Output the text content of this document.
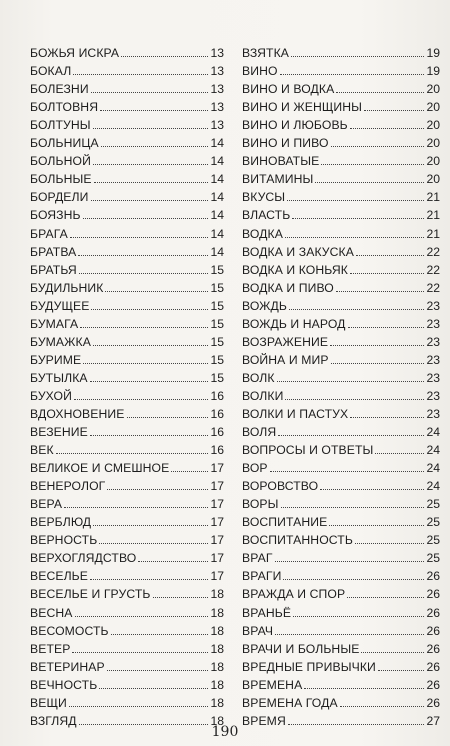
БОЖЬЯ ИСКРА	13
БОКАЛ	13
БОЛЕЗНИ	13
БОЛТОВНЯ	13
БОЛТУНЫ	13
БОЛЬНИЦА	14
БОЛЬНОЙ	14
БОЛЬНЫЕ	14
БОРДЕЛИ	14
БОЯЗНЬ	14
БРАГА	14
БРАТВА	14
БРАТЬЯ	15
БУДИЛЬНИК	15
БУДУЩЕЕ	15
БУМАГА	15
БУМАЖКА	15
БУРИМЕ	15
БУТЫЛКА	15
БУХОЙ	16
ВДОХНОВЕНИЕ	16
ВЕЗЕНИЕ	16
ВЕК	16
ВЕЛИКОЕ И СМЕШНОЕ	17
ВЕНЕРОЛОГ	17
ВЕРА	17
ВЕРБЛЮД	17
ВЕРНОСТЬ	17
ВЕРХОГЛЯДСТВО	17
ВЕСЕЛЬЕ	17
ВЕСЕЛЬЕ И ГРУСТЬ	18
ВЕСНА	18
ВЕСОМОСТЬ	18
ВЕТЕР	18
ВЕТЕРИНАР	18
ВЕЧНОСТЬ	18
ВЕЩИ	18
ВЗГЛЯД	18
ВЗЯТКА	19
ВИНО	19
ВИНО И ВОДКА	20
ВИНО И ЖЕНЩИНЫ	20
ВИНО И ЛЮБОВЬ	20
ВИНО И ПИВО	20
ВИНОВАТЫЕ	20
ВИТАМИНЫ	20
ВКУСЫ	21
ВЛАСТЬ	21
ВОДКА	21
ВОДКА И ЗАКУСКА	22
ВОДКА И КОНЬЯК	22
ВОДКА И ПИВО	22
ВОЖДЬ	23
ВОЖДЬ И НАРОД	23
ВОЗРАЖЕНИЕ	23
ВОЙНА И МИР	23
ВОЛК	23
ВОЛКИ	23
ВОЛКИ И ПАСТУХ	23
ВОЛЯ	24
ВОПРОСЫ И ОТВЕТЫ	24
ВОР	24
ВОРОВСТВО	24
ВОРЫ	25
ВОСПИТАНИЕ	25
ВОСПИТАННОСТЬ	25
ВРАГ	25
ВРАГИ	26
ВРАЖДА И СПОР	26
ВРАНЬЁ	26
ВРАЧ	26
ВРАЧИ И БОЛЬНЫЕ	26
ВРЕДНЫЕ ПРИВЫЧКИ	26
ВРЕМЕНА	26
ВРЕМЕНА ГОДА	26
ВРЕМЯ	27
190
